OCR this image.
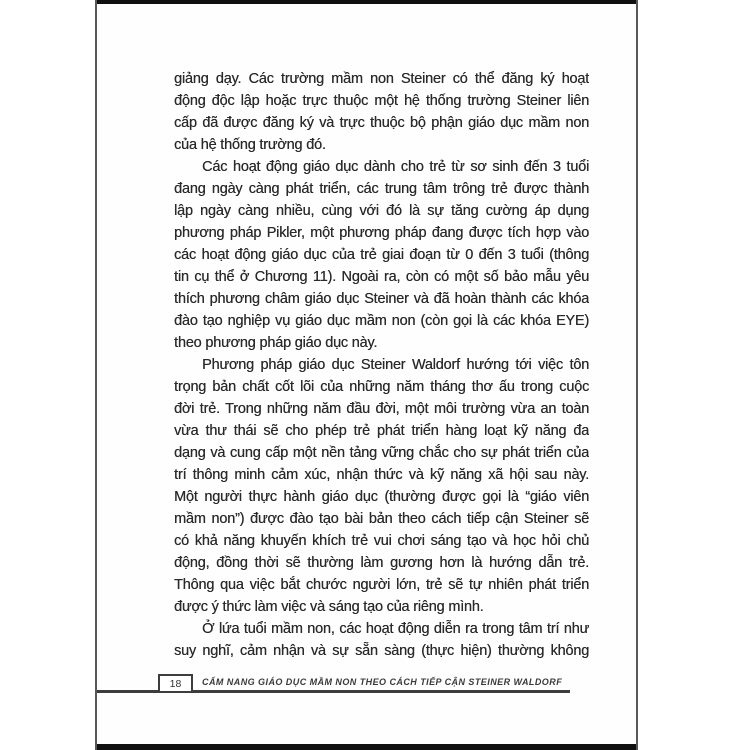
giảng dạy. Các trường mầm non Steiner có thể đăng ký hoạt
động độc lập hoặc trực thuộc một hệ thống trường Steiner liên
cấp đã được đăng ký và trực thuộc bộ phận giáo dục mầm non
của hệ thống trường đó.
Các hoạt động giáo dục dành cho trẻ từ sơ sinh đến 3 tuổi
đang ngày càng phát triển, các trung tâm trông trẻ được thành
lập ngày càng nhiều, cùng với đó là sự tăng cường áp dụng
phương pháp Pikler, một phương pháp đang được tích hợp vào
các hoạt động giáo dục của trẻ giai đoạn từ 0 đến 3 tuổi (thông
tin cụ thể ở Chương 11). Ngoài ra, còn có một số bảo mẫu yêu
thích phương châm giáo dục Steiner và đã hoàn thành các khóa
đào tạo nghiệp vụ giáo dục mầm non (còn gọi là các khóa EYE)
theo phương pháp giáo dục này.
Phương pháp giáo dục Steiner Waldorf hướng tới việc tôn
trọng bản chất cốt lõi của những năm tháng thơ ấu trong cuộc
đời trẻ. Trong những năm đầu đời, một môi trường vừa an toàn
vừa thư thái sẽ cho phép trẻ phát triển hàng loạt kỹ năng đa
dạng và cung cấp một nền tảng vững chắc cho sự phát triển của
trí thông minh cảm xúc, nhận thức và kỹ năng xã hội sau này.
Một người thực hành giáo dục (thường được gọi là “giáo viên
mầm non”) được đào tạo bài bản theo cách tiếp cận Steiner sẽ
có khả năng khuyến khích trẻ vui chơi sáng tạo và học hỏi chủ
động, đồng thời sẽ thường làm gương hơn là hướng dẫn trẻ.
Thông qua việc bắt chước người lớn, trẻ sẽ tự nhiên phát triển
được ý thức làm việc và sáng tạo của riêng mình.
Ở lứa tuổi mầm non, các hoạt động diễn ra trong tâm trí như
suy nghĩ, cảm nhận và sự sẵn sàng (thực hiện) thường không
18 CẨM NANG GIÁO DỤC MẦM NON THEO CÁCH TIẾP CẬN STEINER WALDORF
